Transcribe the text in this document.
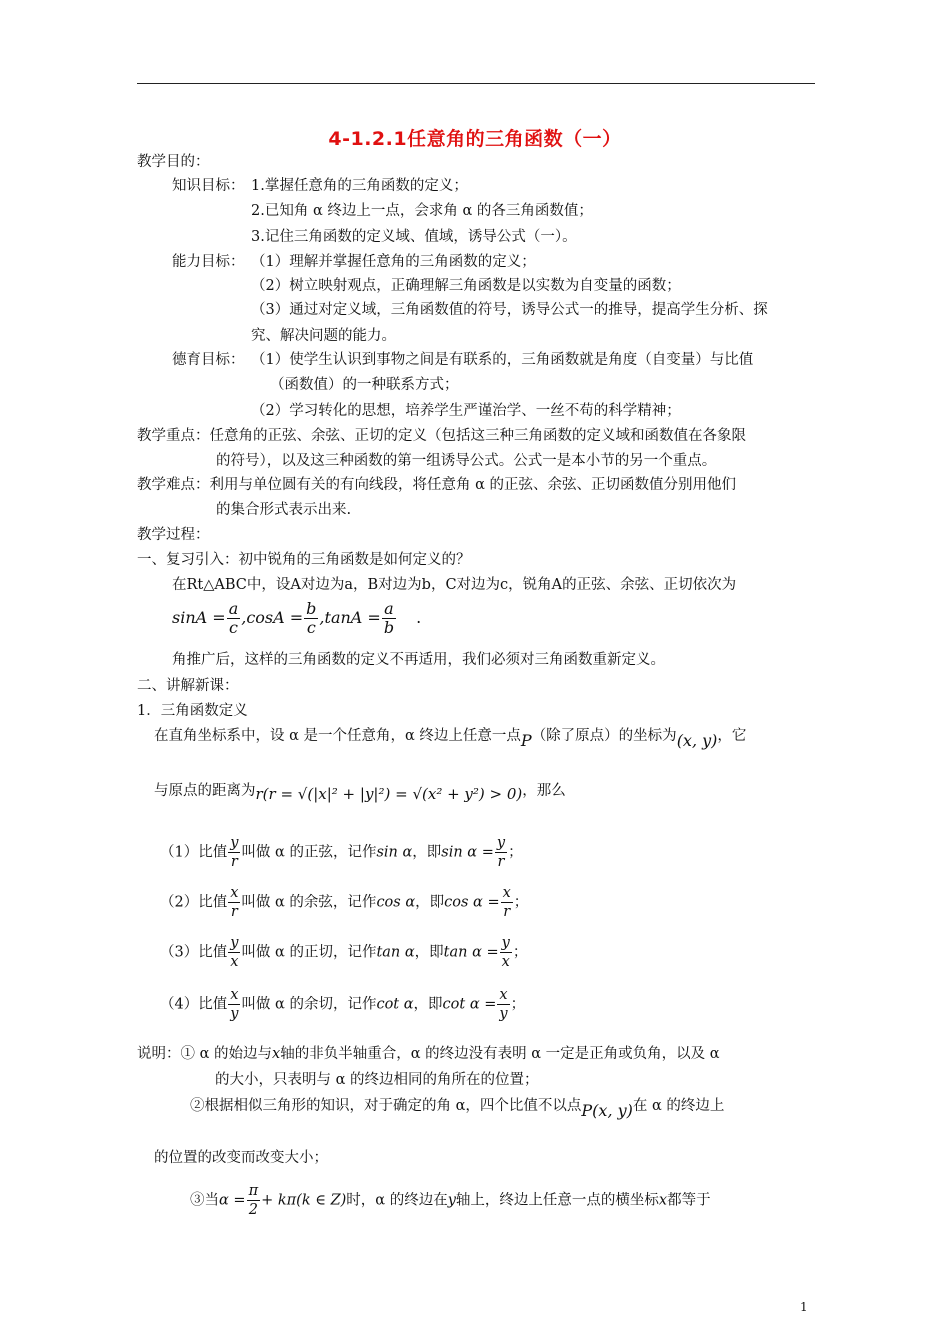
4-1.2.1任意角的三角函数（一）
教学目的：
知识目标： 1.掌握任意角的三角函数的定义；
2.已知角 α 终边上一点，会求角 α 的各三角函数值；
3.记住三角函数的定义域、值域，诱导公式（一）。
能力目标： （1）理解并掌握任意角的三角函数的定义；
（2）树立映射观点，正确理解三角函数是以实数为自变量的函数；
（3）通过对定义域，三角函数值的符号，诱导公式一的推导，提高学生分析、探
究、解决问题的能力。
德育目标： （1）使学生认识到事物之间是有联系的，三角函数就是角度（自变量）与比值
（函数值）的一种联系方式；
（2）学习转化的思想，培养学生严谨治学、一丝不苟的科学精神；
教学重点：任意角的正弦、余弦、正切的定义（包括这三种三角函数的定义域和函数值在各象限
的符号），以及这三种函数的第一组诱导公式。公式一是本小节的另一个重点。
教学难点：利用与单位圆有关的有向线段，将任意角 α 的正弦、余弦、正切函数值分别用他们
的集合形式表示出来.
教学过程：
一、复习引入：初中锐角的三角函数是如何定义的？
在Rt△ABC中，设A对边为a，B对边为b，C对边为c，锐角A的正弦、余弦、正切依次为
$\sin A = \frac{a}{c} ,\cos A = \frac{b}{c} ,\tan A = \frac{a}{b}$ .
角推广后，这样的三角函数的定义不再适用，我们必须对三角函数重新定义。
二、讲解新课：
1．三角函数定义
在直角坐标系中，设 α 是一个任意角，α 终边上任意一点P（除了原点）的坐标为(x, y)，它
与原点的距离为r(r = √(|x|² + |y|²) = √(x² + y²) > 0)，那么
（1）比值 $\frac{y}{r}$ 叫做 α 的正弦，记作sin α，即$\sin \alpha = \frac{y}{r}$ ；
（2）比值 $\frac{x}{r}$ 叫做 α 的余弦，记作cos α，即$\cos \alpha = \frac{x}{r}$ ；
（3）比值 $\frac{y}{x}$ 叫做 α 的正切，记作tan α，即$\tan \alpha = \frac{y}{x}$ ；
（4）比值 $\frac{x}{y}$ 叫做 α 的余切，记作cot α，即$\cot \alpha = \frac{x}{y}$ ；
说明：① α 的始边与x轴的非负半轴重合，α 的终边没有表明 α 一定是正角或负角，以及 α
的大小，只表明与 α 的终边相同的角所在的位置；
②根据相似三角形的知识，对于确定的角 α，四个比值不以点P(x, y)在 α 的终边上
的位置的改变而改变大小；
③当$\alpha = \frac{\pi}{2} + k\pi(k$ ∈ Z)时，α 的终边在y轴上，终边上任意一点的横坐标x都等于
1
